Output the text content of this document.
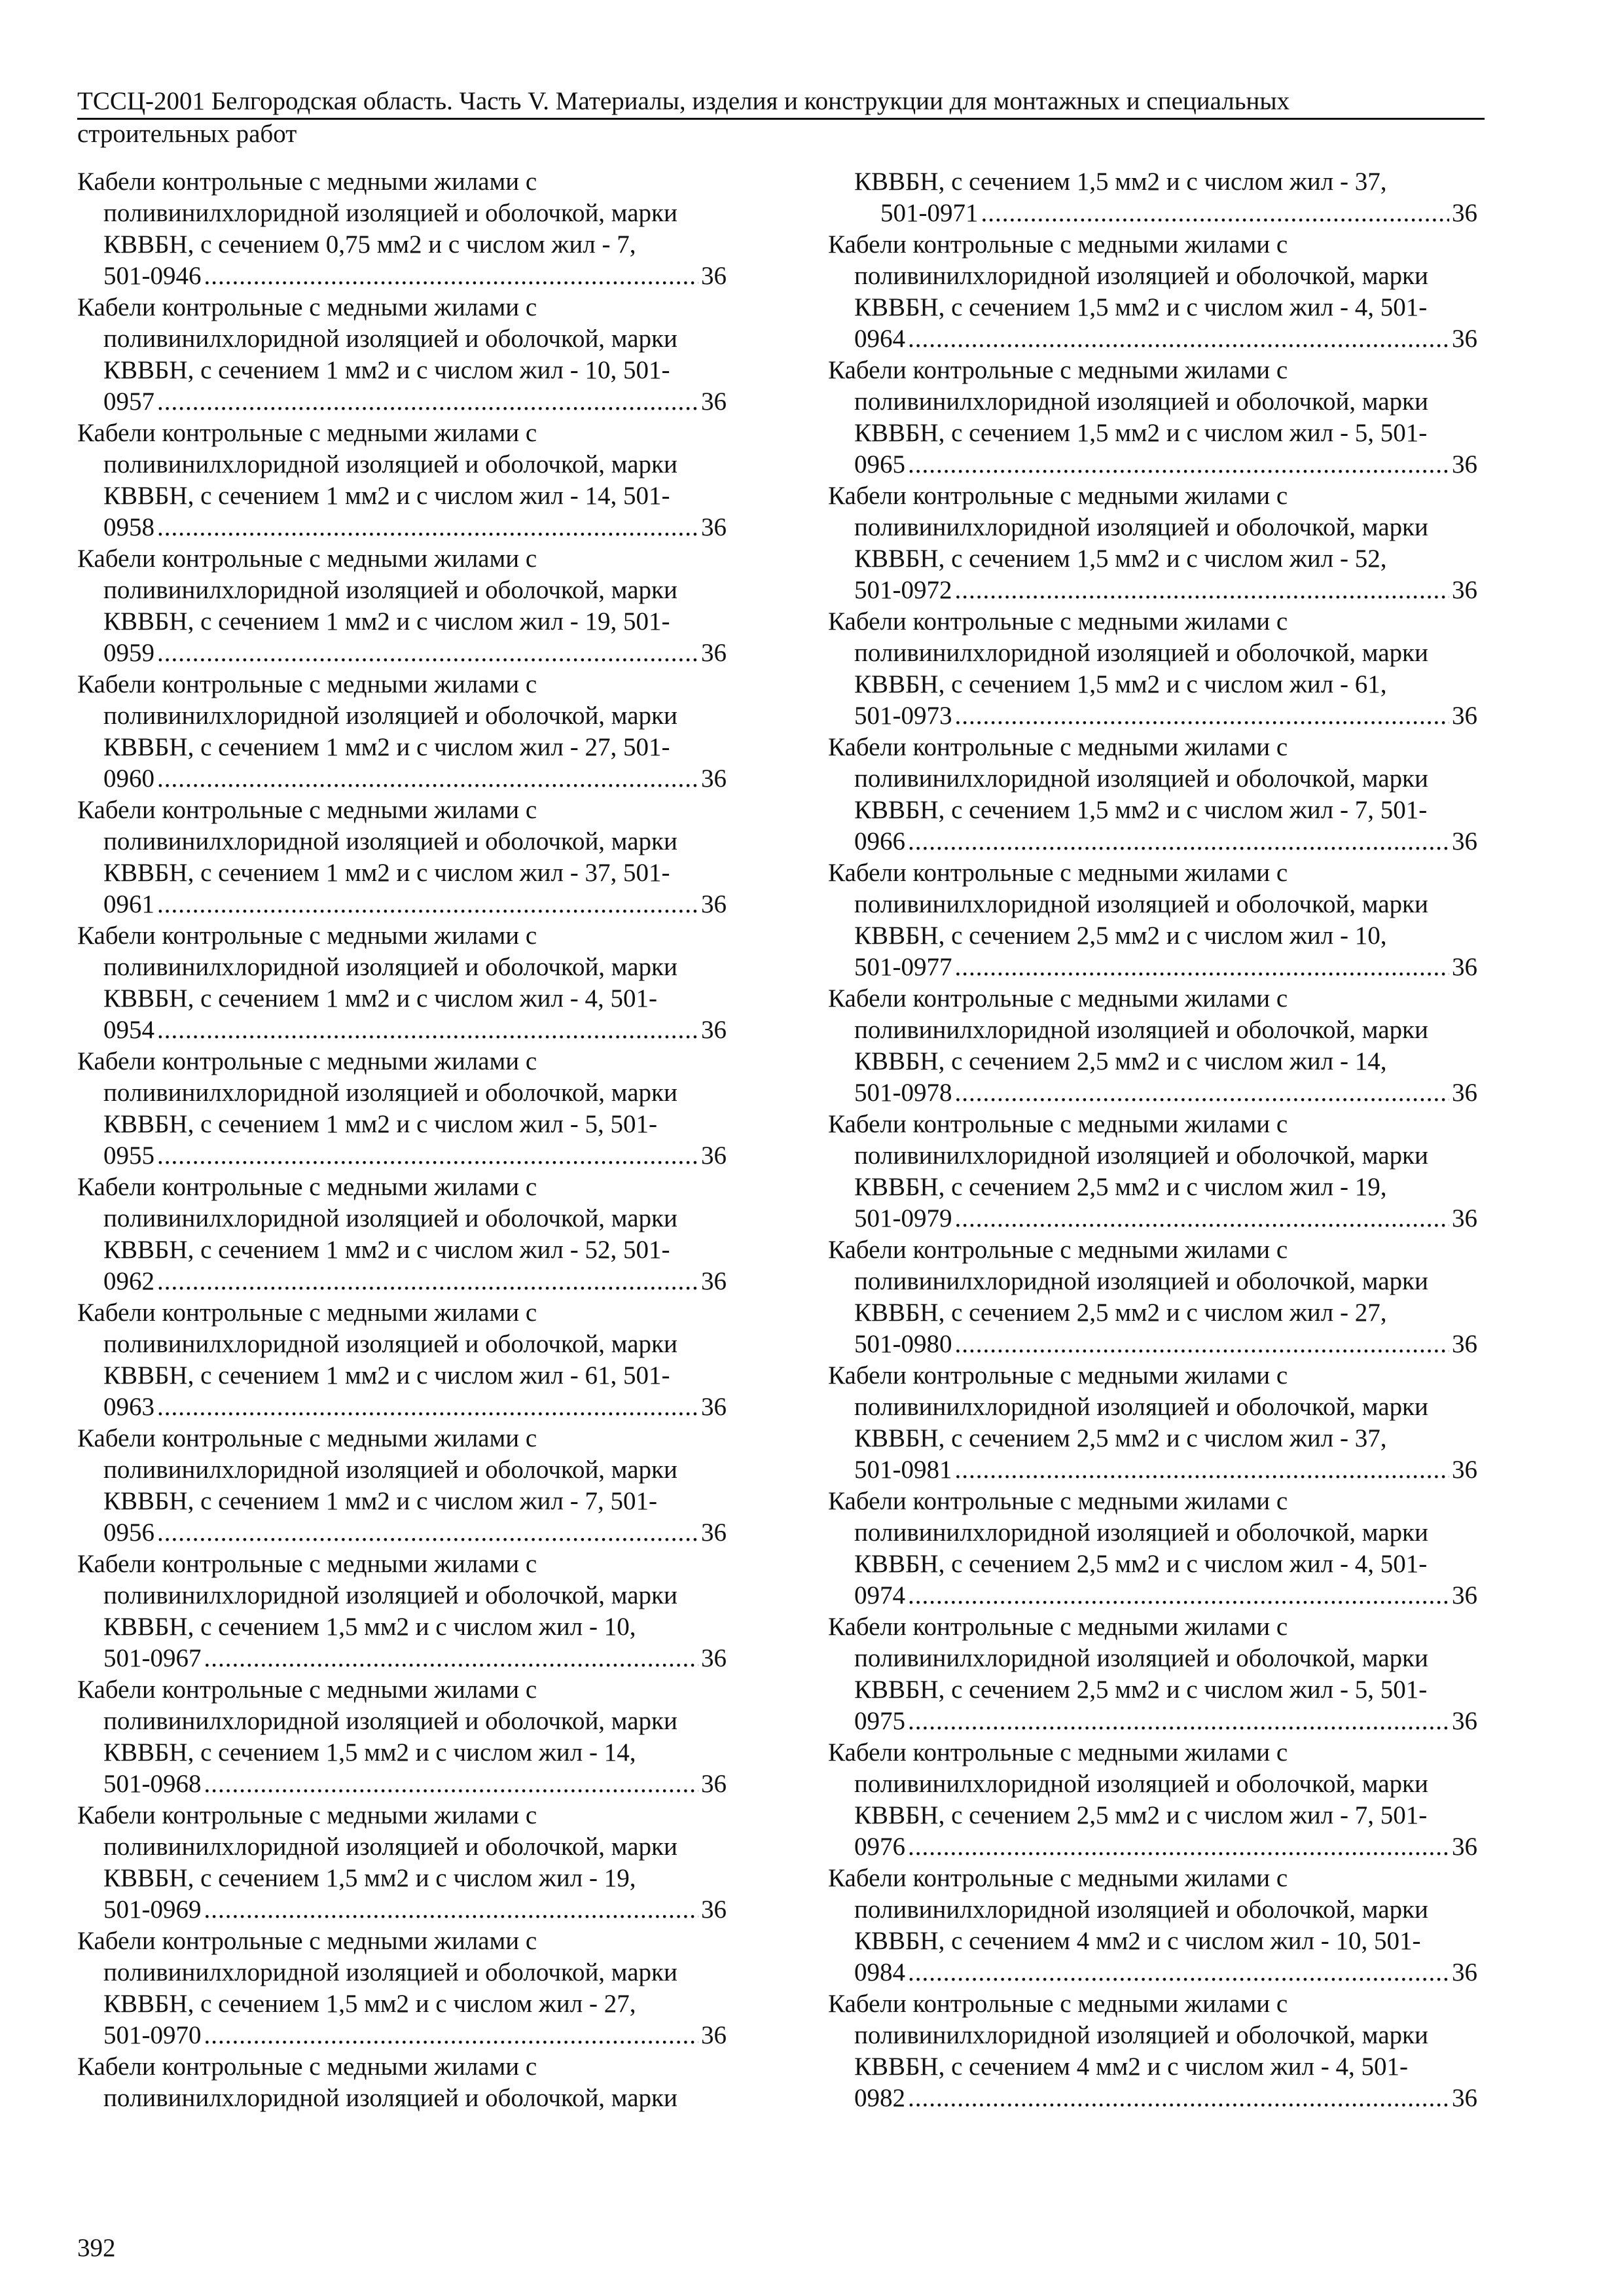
ТССЦ-2001 Белгородская область. Часть V. Материалы, изделия и конструкции для монтажных и специальных
строительных работ
Кабели контрольные с медными жилами с
поливинилхлоридной изоляцией и оболочкой, марки
КВВБН, с сечением 0,75 мм2 и с числом жил - 7,
501-0946 .....	36
Кабели контрольные с медными жилами с
поливинилхлоридной изоляцией и оболочкой, марки
КВВБН, с сечением 1 мм2 и с числом жил - 10, 501-
0957 .....	36
Кабели контрольные с медными жилами с
поливинилхлоридной изоляцией и оболочкой, марки
КВВБН, с сечением 1 мм2 и с числом жил - 14, 501-
0958 .....	36
Кабели контрольные с медными жилами с
поливинилхлоридной изоляцией и оболочкой, марки
КВВБН, с сечением 1 мм2 и с числом жил - 19, 501-
0959 .....	36
Кабели контрольные с медными жилами с
поливинилхлоридной изоляцией и оболочкой, марки
КВВБН, с сечением 1 мм2 и с числом жил - 27, 501-
0960 .....	36
Кабели контрольные с медными жилами с
поливинилхлоридной изоляцией и оболочкой, марки
КВВБН, с сечением 1 мм2 и с числом жил - 37, 501-
0961 .....	36
Кабели контрольные с медными жилами с
поливинилхлоридной изоляцией и оболочкой, марки
КВВБН, с сечением 1 мм2 и с числом жил - 4, 501-
0954 .....	36
Кабели контрольные с медными жилами с
поливинилхлоридной изоляцией и оболочкой, марки
КВВБН, с сечением 1 мм2 и с числом жил - 5, 501-
0955 .....	36
Кабели контрольные с медными жилами с
поливинилхлоридной изоляцией и оболочкой, марки
КВВБН, с сечением 1 мм2 и с числом жил - 52, 501-
0962 .....	36
Кабели контрольные с медными жилами с
поливинилхлоридной изоляцией и оболочкой, марки
КВВБН, с сечением 1 мм2 и с числом жил - 61, 501-
0963 .....	36
Кабели контрольные с медными жилами с
поливинилхлоридной изоляцией и оболочкой, марки
КВВБН, с сечением 1 мм2 и с числом жил - 7, 501-
0956 .....	36
Кабели контрольные с медными жилами с
поливинилхлоридной изоляцией и оболочкой, марки
КВВБН, с сечением 1,5 мм2 и с числом жил - 10,
501-0967 .....	36
Кабели контрольные с медными жилами с
поливинилхлоридной изоляцией и оболочкой, марки
КВВБН, с сечением 1,5 мм2 и с числом жил - 14,
501-0968 .....	36
Кабели контрольные с медными жилами с
поливинилхлоридной изоляцией и оболочкой, марки
КВВБН, с сечением 1,5 мм2 и с числом жил - 19,
501-0969 .....	36
Кабели контрольные с медными жилами с
поливинилхлоридной изоляцией и оболочкой, марки
КВВБН, с сечением 1,5 мм2 и с числом жил - 27,
501-0970 .....	36
Кабели контрольные с медными жилами с
поливинилхлоридной изоляцией и оболочкой, марки
КВВБН, с сечением 1,5 мм2 и с числом жил - 37,
501-0971 .....	36
Кабели контрольные с медными жилами с
поливинилхлоридной изоляцией и оболочкой, марки
КВВБН, с сечением 1,5 мм2 и с числом жил - 4, 501-
0964 .....	36
Кабели контрольные с медными жилами с
поливинилхлоридной изоляцией и оболочкой, марки
КВВБН, с сечением 1,5 мм2 и с числом жил - 5, 501-
0965 .....	36
Кабели контрольные с медными жилами с
поливинилхлоридной изоляцией и оболочкой, марки
КВВБН, с сечением 1,5 мм2 и с числом жил - 52,
501-0972 .....	36
Кабели контрольные с медными жилами с
поливинилхлоридной изоляцией и оболочкой, марки
КВВБН, с сечением 1,5 мм2 и с числом жил - 61,
501-0973 .....	36
Кабели контрольные с медными жилами с
поливинилхлоридной изоляцией и оболочкой, марки
КВВБН, с сечением 1,5 мм2 и с числом жил - 7, 501-
0966 .....	36
Кабели контрольные с медными жилами с
поливинилхлоридной изоляцией и оболочкой, марки
КВВБН, с сечением 2,5 мм2 и с числом жил - 10,
501-0977 .....	36
Кабели контрольные с медными жилами с
поливинилхлоридной изоляцией и оболочкой, марки
КВВБН, с сечением 2,5 мм2 и с числом жил - 14,
501-0978 .....	36
Кабели контрольные с медными жилами с
поливинилхлоридной изоляцией и оболочкой, марки
КВВБН, с сечением 2,5 мм2 и с числом жил - 19,
501-0979 .....	36
Кабели контрольные с медными жилами с
поливинилхлоридной изоляцией и оболочкой, марки
КВВБН, с сечением 2,5 мм2 и с числом жил - 27,
501-0980 .....	36
Кабели контрольные с медными жилами с
поливинилхлоридной изоляцией и оболочкой, марки
КВВБН, с сечением 2,5 мм2 и с числом жил - 37,
501-0981 .....	36
Кабели контрольные с медными жилами с
поливинилхлоридной изоляцией и оболочкой, марки
КВВБН, с сечением 2,5 мм2 и с числом жил - 4, 501-
0974 .....	36
Кабели контрольные с медными жилами с
поливинилхлоридной изоляцией и оболочкой, марки
КВВБН, с сечением 2,5 мм2 и с числом жил - 5, 501-
0975 .....	36
Кабели контрольные с медными жилами с
поливинилхлоридной изоляцией и оболочкой, марки
КВВБН, с сечением 2,5 мм2 и с числом жил - 7, 501-
0976 .....	36
Кабели контрольные с медными жилами с
поливинилхлоридной изоляцией и оболочкой, марки
КВВБН, с сечением 4 мм2 и с числом жил - 10, 501-
0984 .....	36
Кабели контрольные с медными жилами с
поливинилхлоридной изоляцией и оболочкой, марки
КВВБН, с сечением 4 мм2 и с числом жил - 4, 501-
0982 .....	36
392
